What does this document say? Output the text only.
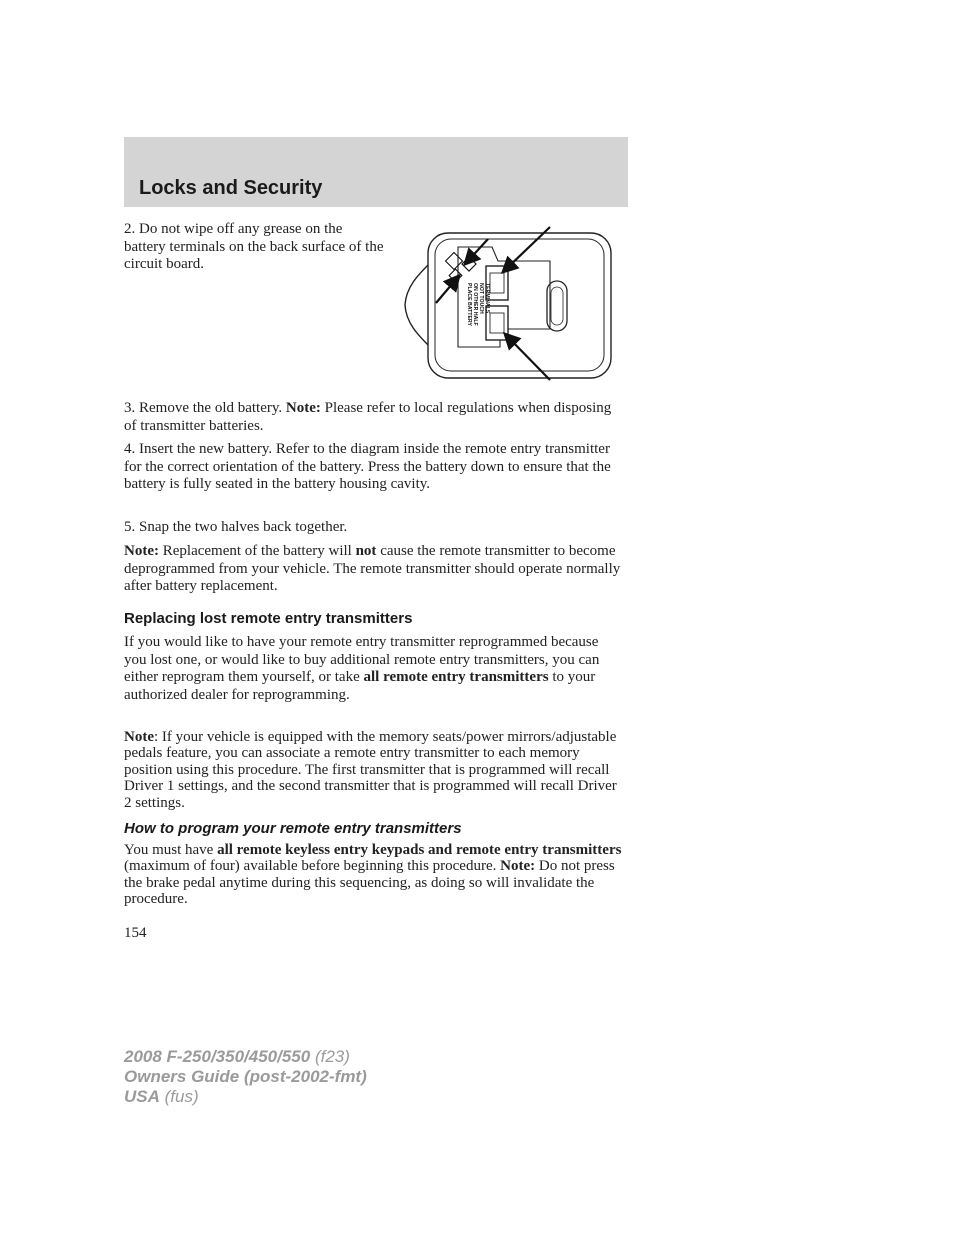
Locks and Security

2. Do not wipe off any grease on the battery terminals on the back surface of the circuit board.

PLACE BATTERY ON OTHER HALF NOT TOUCH TERMINALS

3. Remove the old battery. Note: Please refer to local regulations when disposing of transmitter batteries.

4. Insert the new battery. Refer to the diagram inside the remote entry transmitter for the correct orientation of the battery. Press the battery down to ensure that the battery is fully seated in the battery housing cavity.

5. Snap the two halves back together.

Note: Replacement of the battery will not cause the remote transmitter to become deprogrammed from your vehicle. The remote transmitter should operate normally after battery replacement.

Replacing lost remote entry transmitters

If you would like to have your remote entry transmitter reprogrammed because you lost one, or would like to buy additional remote entry transmitters, you can either reprogram them yourself, or take all remote entry transmitters to your authorized dealer for reprogramming.

Note: If your vehicle is equipped with the memory seats/power mirrors/adjustable pedals feature, you can associate a remote entry transmitter to each memory position using this procedure. The first transmitter that is programmed will recall Driver 1 settings, and the second transmitter that is programmed will recall Driver 2 settings.

How to program your remote entry transmitters

You must have all remote keyless entry keypads and remote entry transmitters (maximum of four) available before beginning this procedure. Note: Do not press the brake pedal anytime during this sequencing, as doing so will invalidate the procedure.

154
2008 F-250/350/450/550 (f23)
Owners Guide (post-2002-fmt)
USA (fus)
